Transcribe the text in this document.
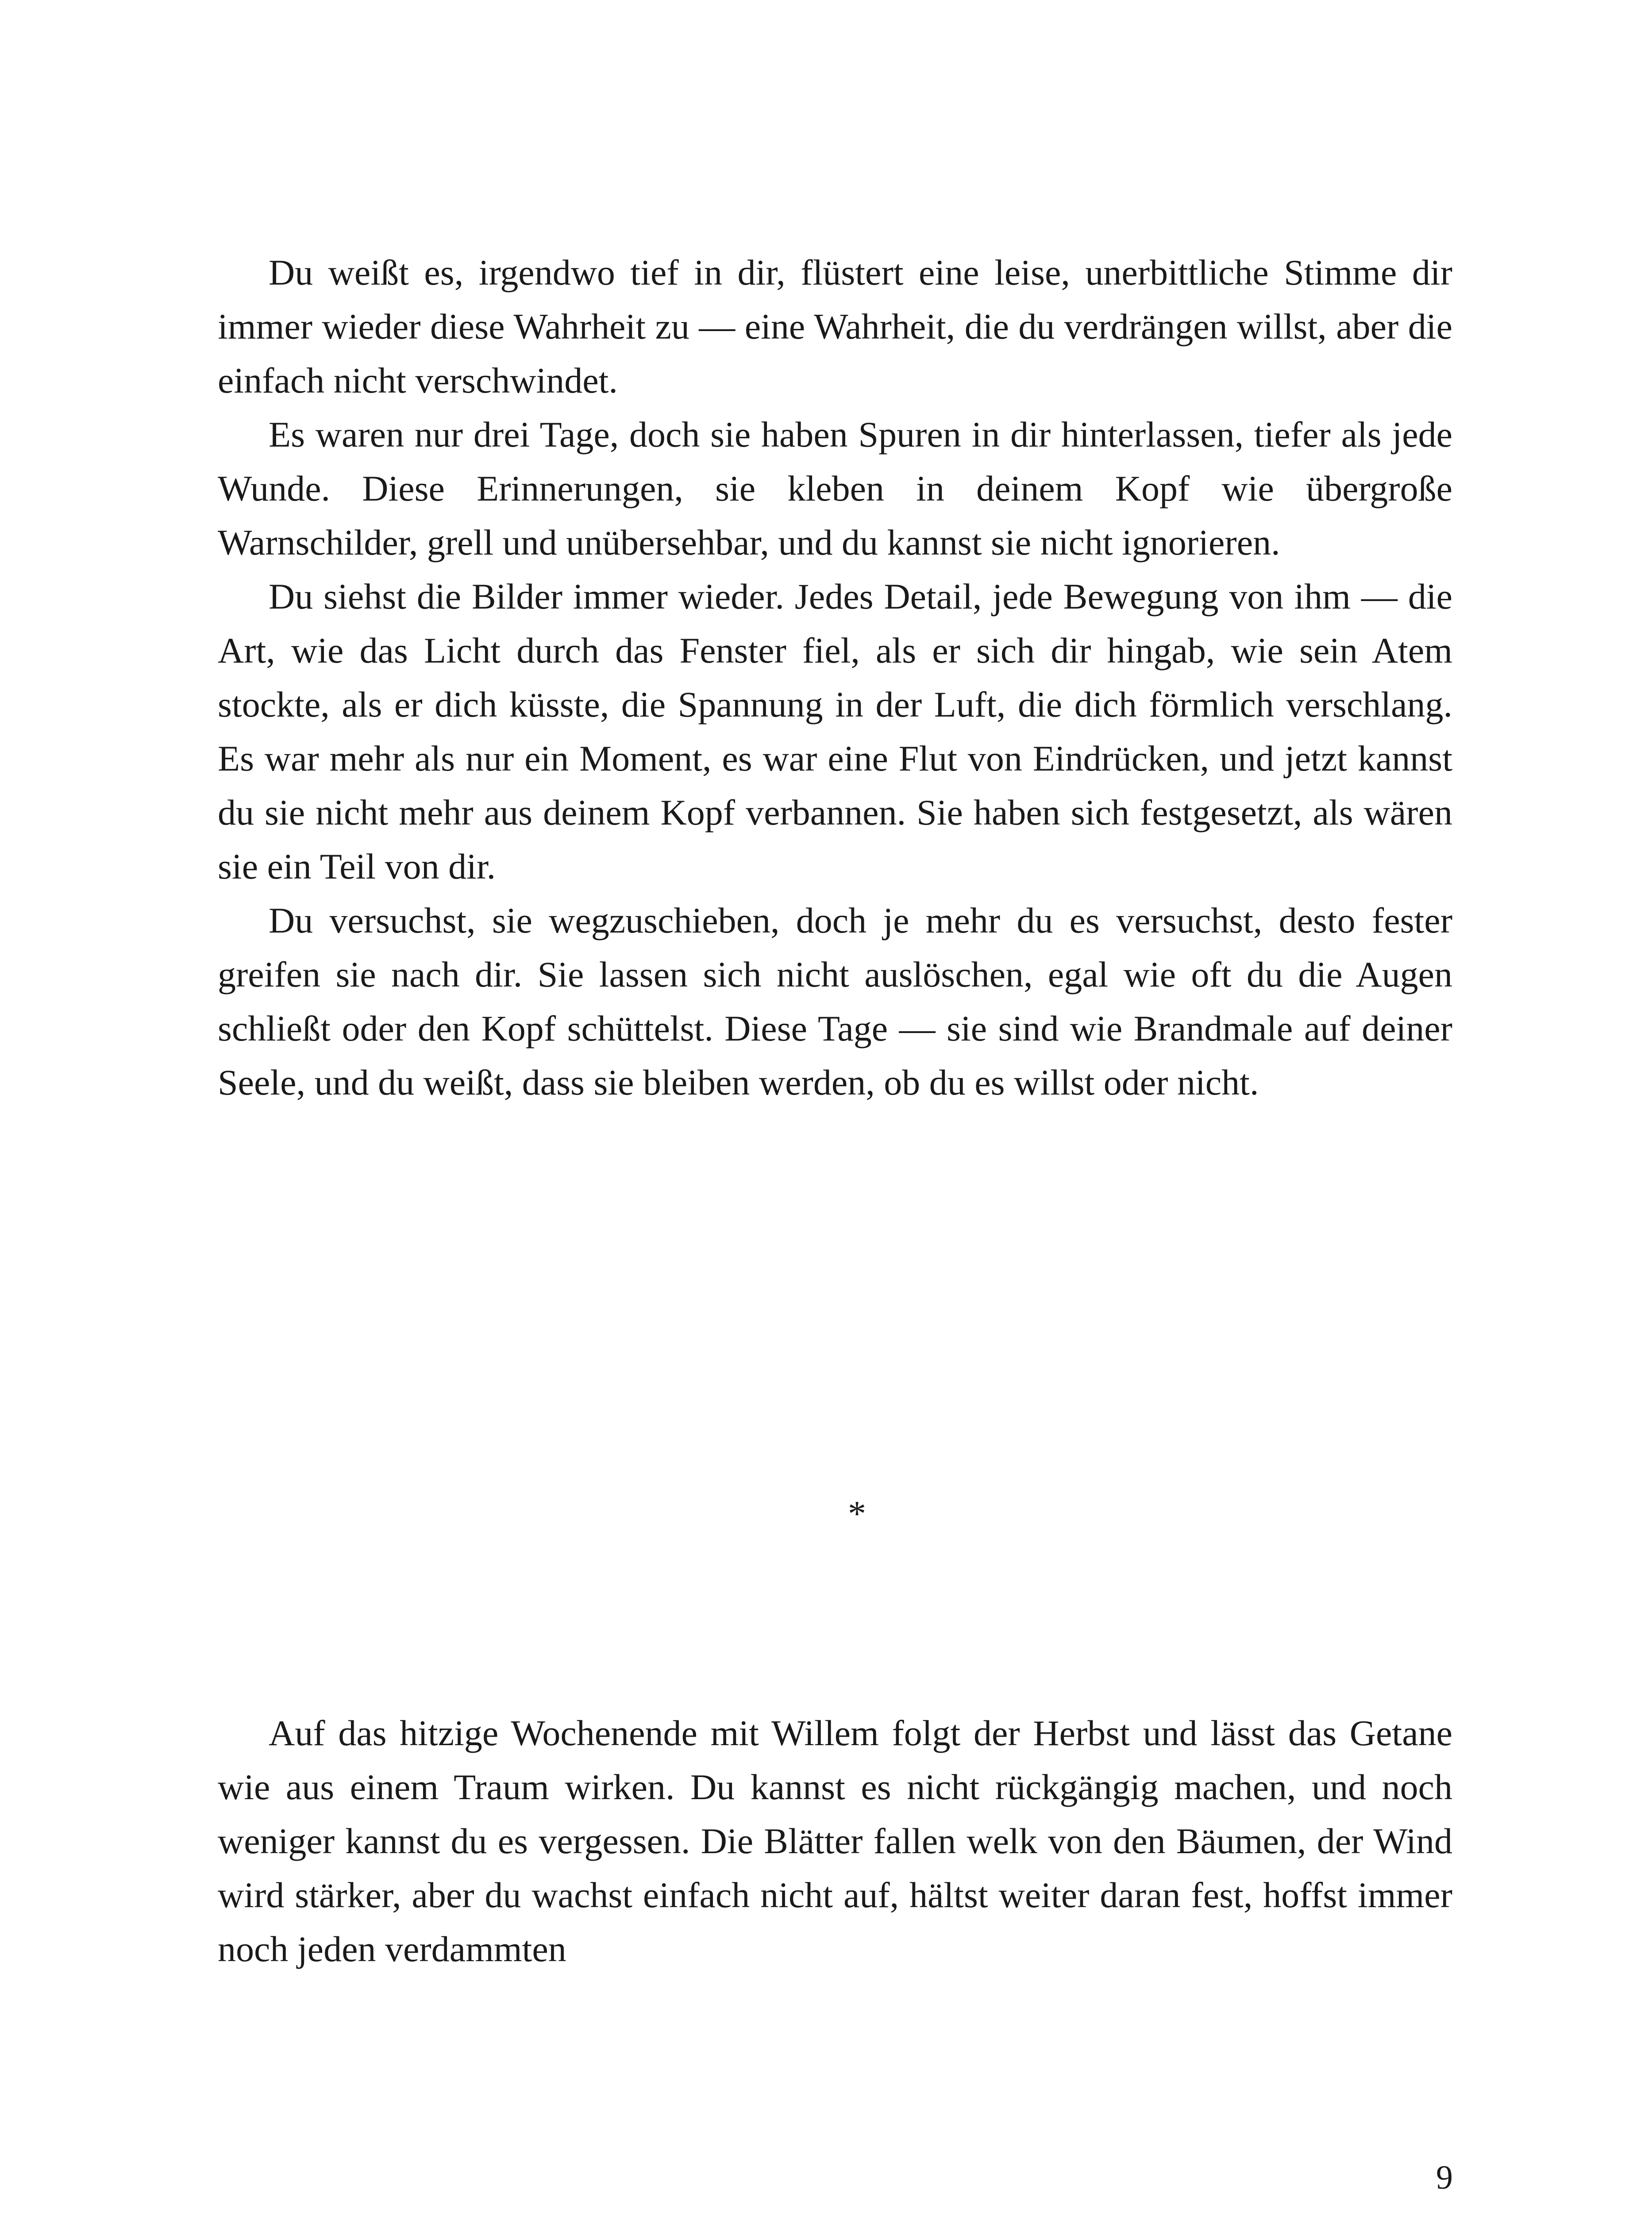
Du weißt es, irgendwo tief in dir, flüstert eine leise, unerbittliche Stimme dir immer wieder diese Wahrheit zu — eine Wahrheit, die du verdrängen willst, aber die einfach nicht verschwindet.

Es waren nur drei Tage, doch sie haben Spuren in dir hinterlassen, tiefer als jede Wunde. Diese Erinnerungen, sie kleben in deinem Kopf wie übergroße Warnschilder, grell und unübersehbar, und du kannst sie nicht ignorieren.

Du siehst die Bilder immer wieder. Jedes Detail, jede Bewegung von ihm — die Art, wie das Licht durch das Fenster fiel, als er sich dir hingab, wie sein Atem stockte, als er dich küsste, die Spannung in der Luft, die dich förmlich verschlang. Es war mehr als nur ein Moment, es war eine Flut von Eindrücken, und jetzt kannst du sie nicht mehr aus deinem Kopf verbannen. Sie haben sich festgesetzt, als wären sie ein Teil von dir.

Du versuchst, sie wegzuschieben, doch je mehr du es versuchst, desto fester greifen sie nach dir. Sie lassen sich nicht auslöschen, egal wie oft du die Augen schließt oder den Kopf schüttelst. Diese Tage — sie sind wie Brandmale auf deiner Seele, und du weißt, dass sie bleiben werden, ob du es willst oder nicht.

*

Auf das hitzige Wochenende mit Willem folgt der Herbst und lässt das Getane wie aus einem Traum wirken. Du kannst es nicht rückgängig machen, und noch weniger kannst du es vergessen. Die Blätter fallen welk von den Bäumen, der Wind wird stärker, aber du wachst einfach nicht auf, hältst weiter daran fest, hoffst immer noch jeden verdammten

9
